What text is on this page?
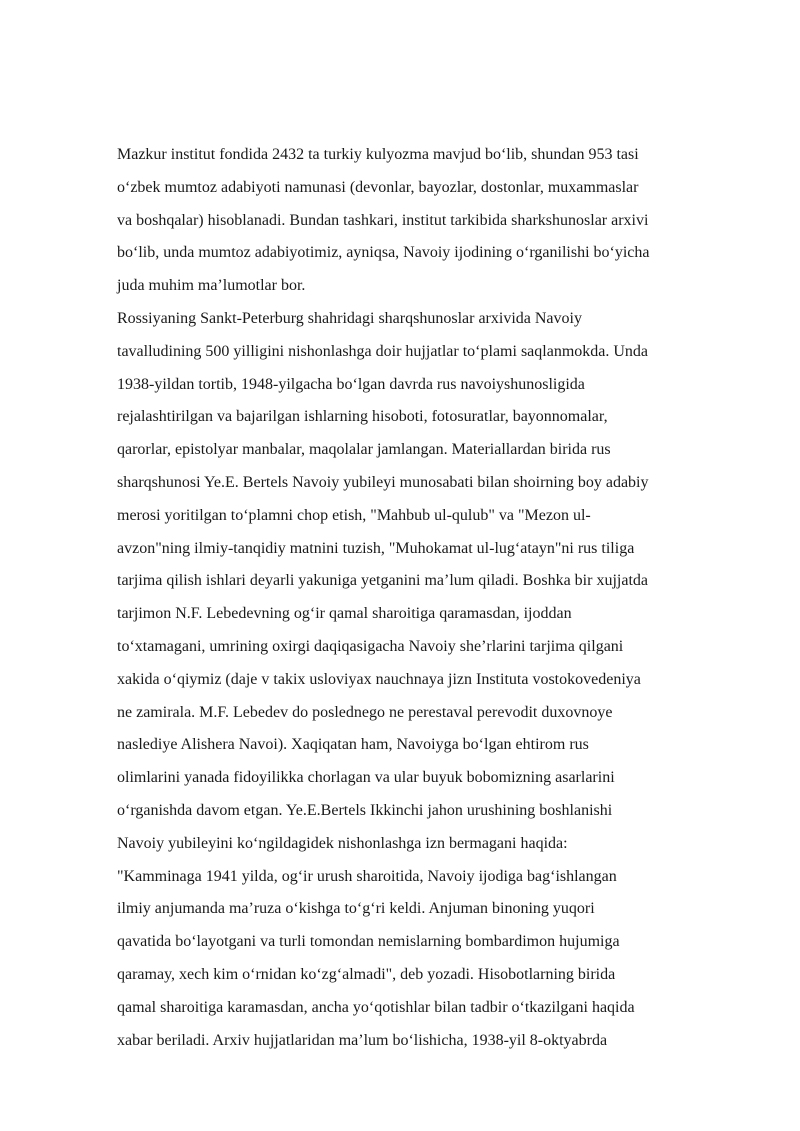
Mazkur institut fondida 2432 ta turkiy kulyozma mavjud bo‘lib, shundan 953 tasi
o‘zbek mumtoz adabiyoti namunasi (devonlar, bayozlar, dostonlar, muxammaslar
va boshqalar) hisoblanadi. Bundan tashkari, institut tarkibida sharkshunoslar arxivi
bo‘lib, unda mumtoz adabiyotimiz, ayniqsa, Navoiy ijodining o‘rganilishi bo‘yicha
juda muhim ma’lumotlar bor.
Rossiyaning Sankt-Peterburg shahridagi sharqshunoslar arxivida Navoiy
tavalludining 500 yilligini nishonlashga doir hujjatlar to‘plami saqlanmokda. Unda
1938-yildan tortib, 1948-yilgacha bo‘lgan davrda rus navoiyshunosligida
rejalashtirilgan va bajarilgan ishlarning hisoboti, fotosuratlar, bayonnomalar,
qarorlar, epistolyar manbalar, maqolalar jamlangan. Materiallardan birida rus
sharqshunosi Ye.E. Bertels Navoiy yubileyi munosabati bilan shoirning boy adabiy
merosi yoritilgan to‘plamni chop etish, "Mahbub ul-qulub" va "Mezon ul-
avzon"ning ilmiy-tanqidiy matnini tuzish, "Muhokamat ul-lug‘atayn"ni rus tiliga
tarjima qilish ishlari deyarli yakuniga yetganini ma’lum qiladi. Boshka bir xujjatda
tarjimon N.F. Lebedevning og‘ir qamal sharoitiga qaramasdan, ijoddan
to‘xtamagani, umrining oxirgi daqiqasigacha Navoiy she’rlarini tarjima qilgani
xakida o‘qiymiz (daje v takix usloviyax nauchnaya jizn Instituta vostokovedeniya
ne zamirala. M.F. Lebedev do poslednego ne perestaval perevodit duxovnoye
naslediye Alishera Navoi). Xaqiqatan ham, Navoiyga bo‘lgan ehtirom rus
olimlarini yanada fidoyilikka chorlagan va ular buyuk bobomizning asarlarini
o‘rganishda davom etgan. Ye.E.Bertels Ikkinchi jahon urushining boshlanishi
Navoiy yubileyini ko‘ngildagidek nishonlashga izn bermagani haqida:
"Kamminaga 1941 yilda, og‘ir urush sharoitida, Navoiy ijodiga bag‘ishlangan
ilmiy anjumanda ma’ruza o‘kishga to‘g‘ri keldi. Anjuman binoning yuqori
qavatida bo‘layotgani va turli tomondan nemislarning bombardimon hujumiga
qaramay, xech kim o‘rnidan ko‘zg‘almadi", deb yozadi. Hisobotlarning birida
qamal sharoitiga karamasdan, ancha yo‘qotishlar bilan tadbir o‘tkazilgani haqida
xabar beriladi. Arxiv hujjatlaridan ma’lum bo‘lishicha, 1938-yil 8-oktyabrda
